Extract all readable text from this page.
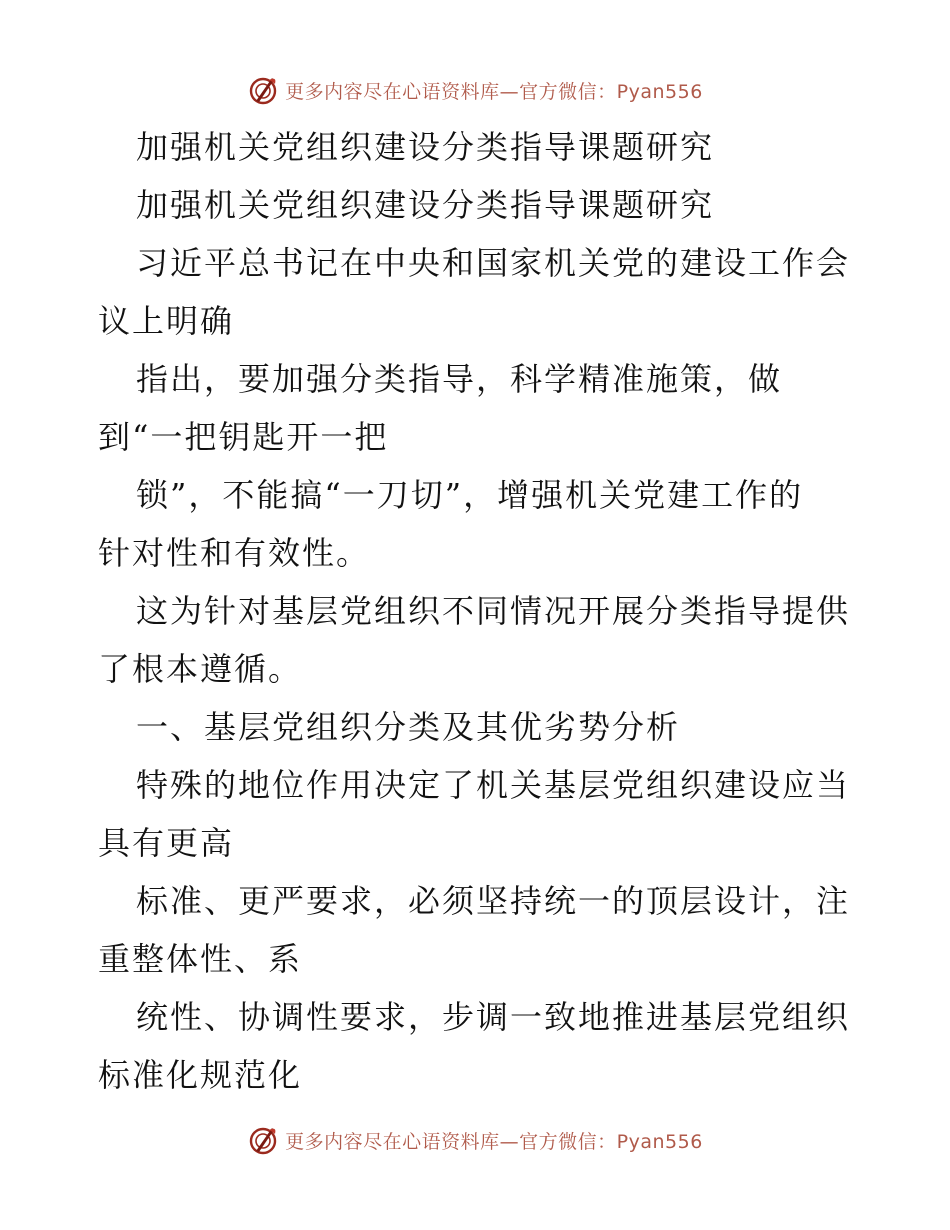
更多内容尽在心语资料库—官方微信：Pyan556
加强机关党组织建设分类指导课题研究
加强机关党组织建设分类指导课题研究
习近平总书记在中央和国家机关党的建设工作会
议上明确
指出，要加强分类指导，科学精准施策，做
到“一把钥匙开一把
锁”，不能搞“一刀切”，增强机关党建工作的
针对性和有效性。
这为针对基层党组织不同情况开展分类指导提供
了根本遵循。
一、基层党组织分类及其优劣势分析
特殊的地位作用决定了机关基层党组织建设应当
具有更高
标准、更严要求，必须坚持统一的顶层设计，注
重整体性、系
统性、协调性要求，步调一致地推进基层党组织
标准化规范化
更多内容尽在心语资料库—官方微信：Pyan556
